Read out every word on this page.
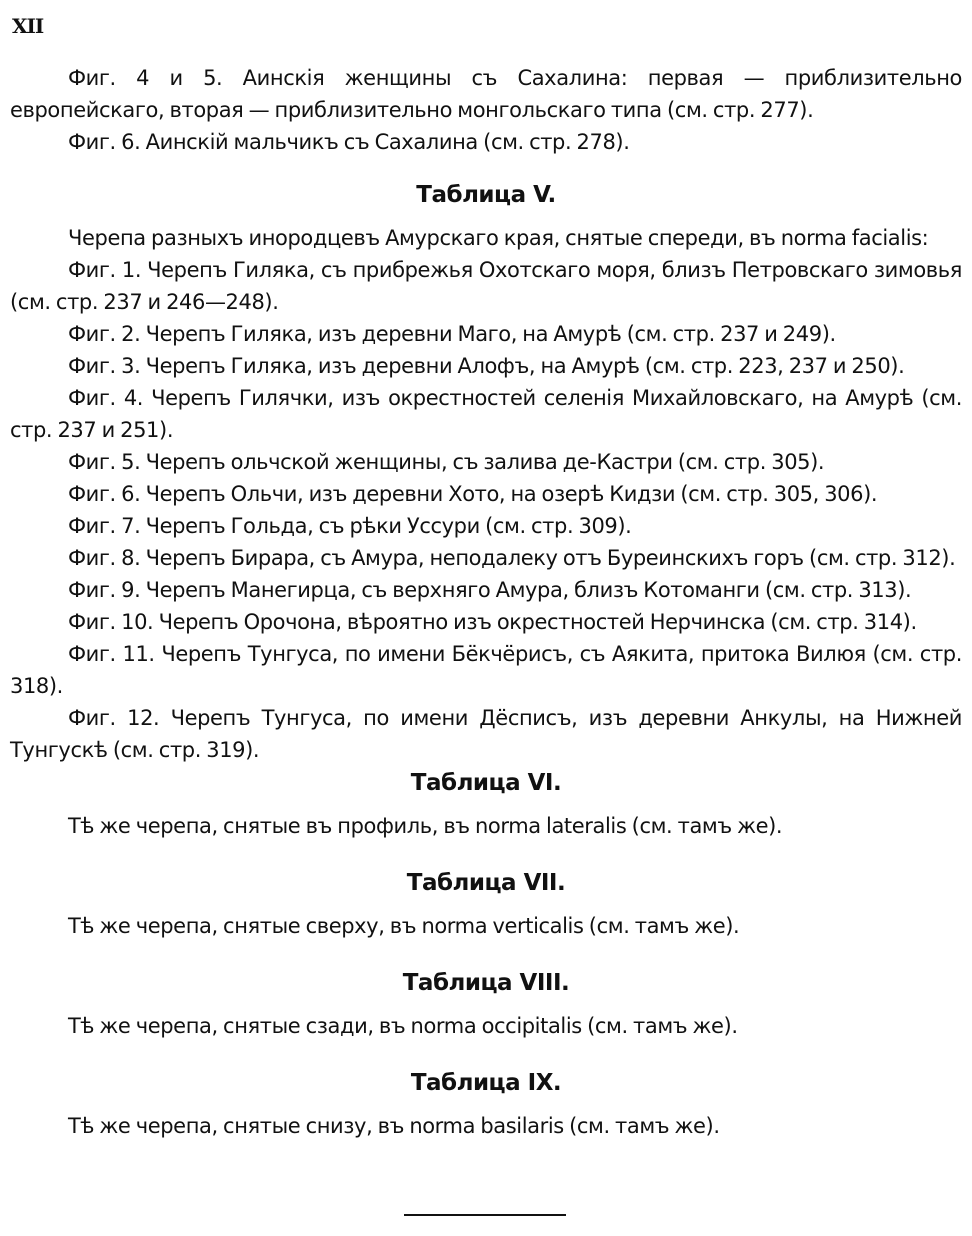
XII

Фиг. 4 и 5. Аинскія женщины съ Сахалина: первая — приблизительно европейскаго, вторая — приблизительно монгольскаго типа (см. стр. 277).

Фиг. 6. Аинскій мальчикъ съ Сахалина (см. стр. 278).

Таблица V.

Черепа разныхъ инородцевъ Амурскаго края, снятые спереди, въ norma facialis:

Фиг. 1. Черепъ Гиляка, съ прибрежья Охотскаго моря, близъ Петровскаго зимовья (см. стр. 237 и 246—248).

Фиг. 2. Черепъ Гиляка, изъ деревни Маго, на Амурѣ (см. стр. 237 и 249).

Фиг. 3. Черепъ Гиляка, изъ деревни Алофъ, на Амурѣ (см. стр. 223, 237 и 250).

Фиг. 4. Черепъ Гилячки, изъ окрестностей селенія Михайловскаго, на Амурѣ (см. стр. 237 и 251).

Фиг. 5. Черепъ ольчской женщины, съ залива де-Кастри (см. стр. 305).

Фиг. 6. Черепъ Ольчи, изъ деревни Хото, на озерѣ Кидзи (см. стр. 305, 306).

Фиг. 7. Черепъ Гольда, съ рѣки Уссури (см. стр. 309).

Фиг. 8. Черепъ Бирара, съ Амура, неподалеку отъ Буреинскихъ горъ (см. стр. 312).

Фиг. 9. Черепъ Манегирца, съ верхняго Амура, близъ Котоманги (см. стр. 313).

Фиг. 10. Черепъ Орочона, вѣроятно изъ окрестностей Нерчинска (см. стр. 314).

Фиг. 11. Черепъ Тунгуса, по имени Бёкчёрисъ, съ Аякита, притока Вилюя (см. стр. 318).

Фиг. 12. Черепъ Тунгуса, по имени Дёсписъ, изъ деревни Анкулы, на Нижней Тунгускѣ (см. стр. 319).

Таблица VI.

Тѣ же черепа, снятые въ профиль, въ norma lateralis (см. тамъ же).

Таблица VII.

Тѣ же черепа, снятые сверху, въ norma verticalis (см. тамъ же).

Таблица VIII.

Тѣ же черепа, снятые сзади, въ norma occipitalis (см. тамъ же).

Таблица IX.

Тѣ же черепа, снятые снизу, въ norma basilaris (см. тамъ же).
